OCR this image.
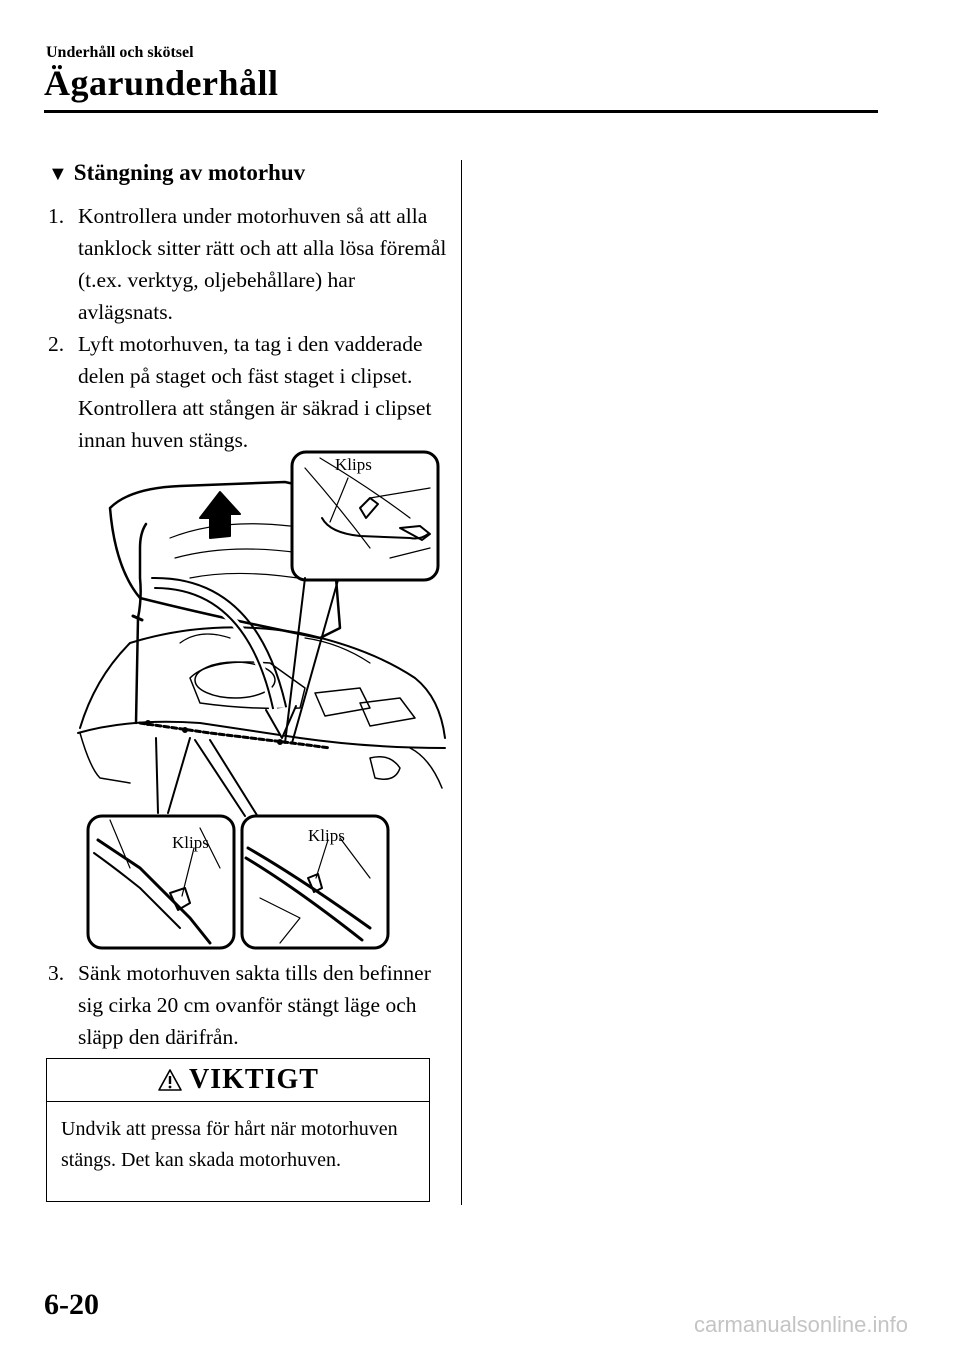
Underhåll och skötsel
Ägarunderhåll
▼ Stängning av motorhuv
1. Kontrollera under motorhuven så att alla tanklock sitter rätt och att alla lösa föremål (t.ex. verktyg, oljebehållare) har avlägsnats.
2. Lyft motorhuven, ta tag i den vadderade delen på staget och fäst staget i clipset. Kontrollera att stången är säkrad i clipset innan huven stängs.
Klips
Klips	Klips
3. Sänk motorhuven sakta tills den befinner sig cirka 20 cm ovanför stängt läge och släpp den därifrån.
VIKTIGT
Undvik att pressa för hårt när motorhuven stängs. Det kan skada motorhuven.
6-20
carmanualsonline.info
